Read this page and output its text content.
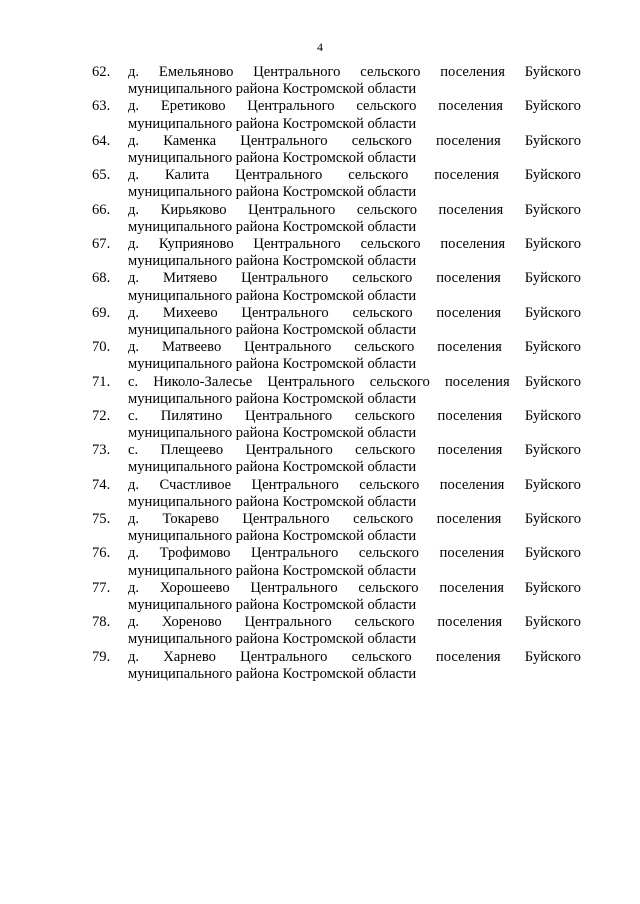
4
62.	д. Емельяново Центрального сельского поселения Буйского
муниципального района Костромской области
63.	д. Еретиково Центрального сельского поселения Буйского
муниципального района Костромской области
64.	д. Каменка Центрального сельского поселения Буйского
муниципального района Костромской области
65.	д. Калита Центрального сельского поселения Буйского
муниципального района Костромской области
66.	д. Кирьяково Центрального сельского поселения Буйского
муниципального района Костромской области
67.	д. Куприяново Центрального сельского поселения Буйского
муниципального района Костромской области
68.	д. Митяево Центрального сельского поселения Буйского
муниципального района Костромской области
69.	д. Михеево Центрального сельского поселения Буйского
муниципального района Костромской области
70.	д. Матвеево Центрального сельского поселения Буйского
муниципального района Костромской области
71.	с. Николо-Залесье Центрального сельского поселения Буйского
муниципального района Костромской области
72.	с. Пилятино Центрального сельского поселения Буйского
муниципального района Костромской области
73.	с. Плещеево Центрального сельского поселения Буйского
муниципального района Костромской области
74.	д. Счастливое Центрального сельского поселения Буйского
муниципального района Костромской области
75.	д. Токарево Центрального сельского поселения Буйского
муниципального района Костромской области
76.	д. Трофимово Центрального сельского поселения Буйского
муниципального района Костромской области
77.	д. Хорошеево Центрального сельского поселения Буйского
муниципального района Костромской области
78.	д. Хореново Центрального сельского поселения Буйского
муниципального района Костромской области
79.	д. Харнево Центрального сельского поселения Буйского
муниципального района Костромской области
